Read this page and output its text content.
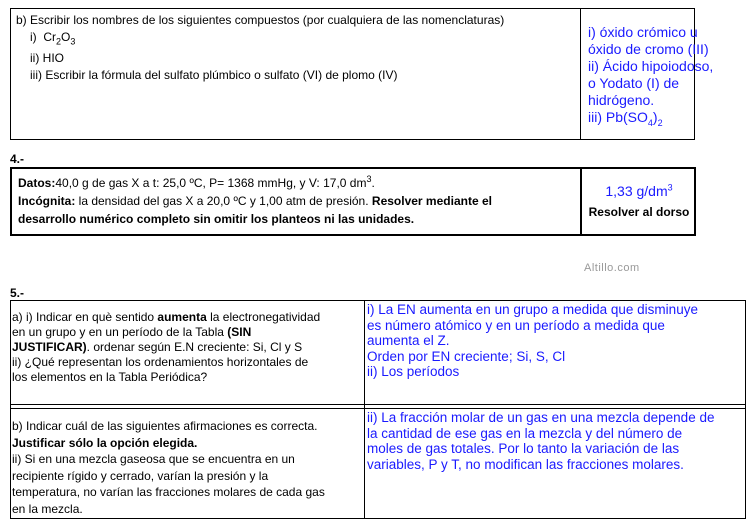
b) Escribir los nombres de los siguientes compuestos (por cualquiera de las nomenclaturas)
i) $Cr_2O_3$
ii) HIO
iii) Escribir la fórmula del sulfato plúmbico o sulfato (VI) de plomo (IV)
i) óxido crómico u
óxido de cromo (III)
ii) Ácido hipoiodoso,
o Yodato (I) de
hidrógeno.
iii) $Pb(SO_4)_2$
4.-
Datos:40,0 g de gas X a t: 25,0 ºC, P= 1368 mmHg, y V: 17,0 $dm^3$.
Incógnita: la densidad del gas X a 20,0 ºC y 1,00 atm de presión. Resolver mediante el
desarrollo numérico completo sin omitir los planteos ni las unidades.
1,33 $g/dm^3$
Resolver al dorso
Altillo.com
5.-
a) i) Indicar en què sentido aumenta la electronegatividad
en un grupo y en un período de la Tabla (SIN
JUSTIFICAR). ordenar según E.N creciente: Si, Cl y S
ii) ¿Qué representan los ordenamientos horizontales de
los elementos en la Tabla Periódica?
i) La EN aumenta en un grupo a medida que disminuye
es número atómico y en un período a medida que
aumenta el Z.
Orden por EN creciente; Si, S, Cl
ii) Los períodos
b) Indicar cuál de las siguientes afirmaciones es correcta.
Justificar sólo la opción elegida.
ii) Si en una mezcla gaseosa que se encuentra en un
recipiente rígido y cerrado, varían la presión y la
temperatura, no varían las fracciones molares de cada gas
en la mezcla.
ii) La fracción molar de un gas en una mezcla depende de
la cantidad de ese gas en la mezcla y del número de
moles de gas totales. Por lo tanto la variación de las
variables, P y T, no modifican las fracciones molares.
